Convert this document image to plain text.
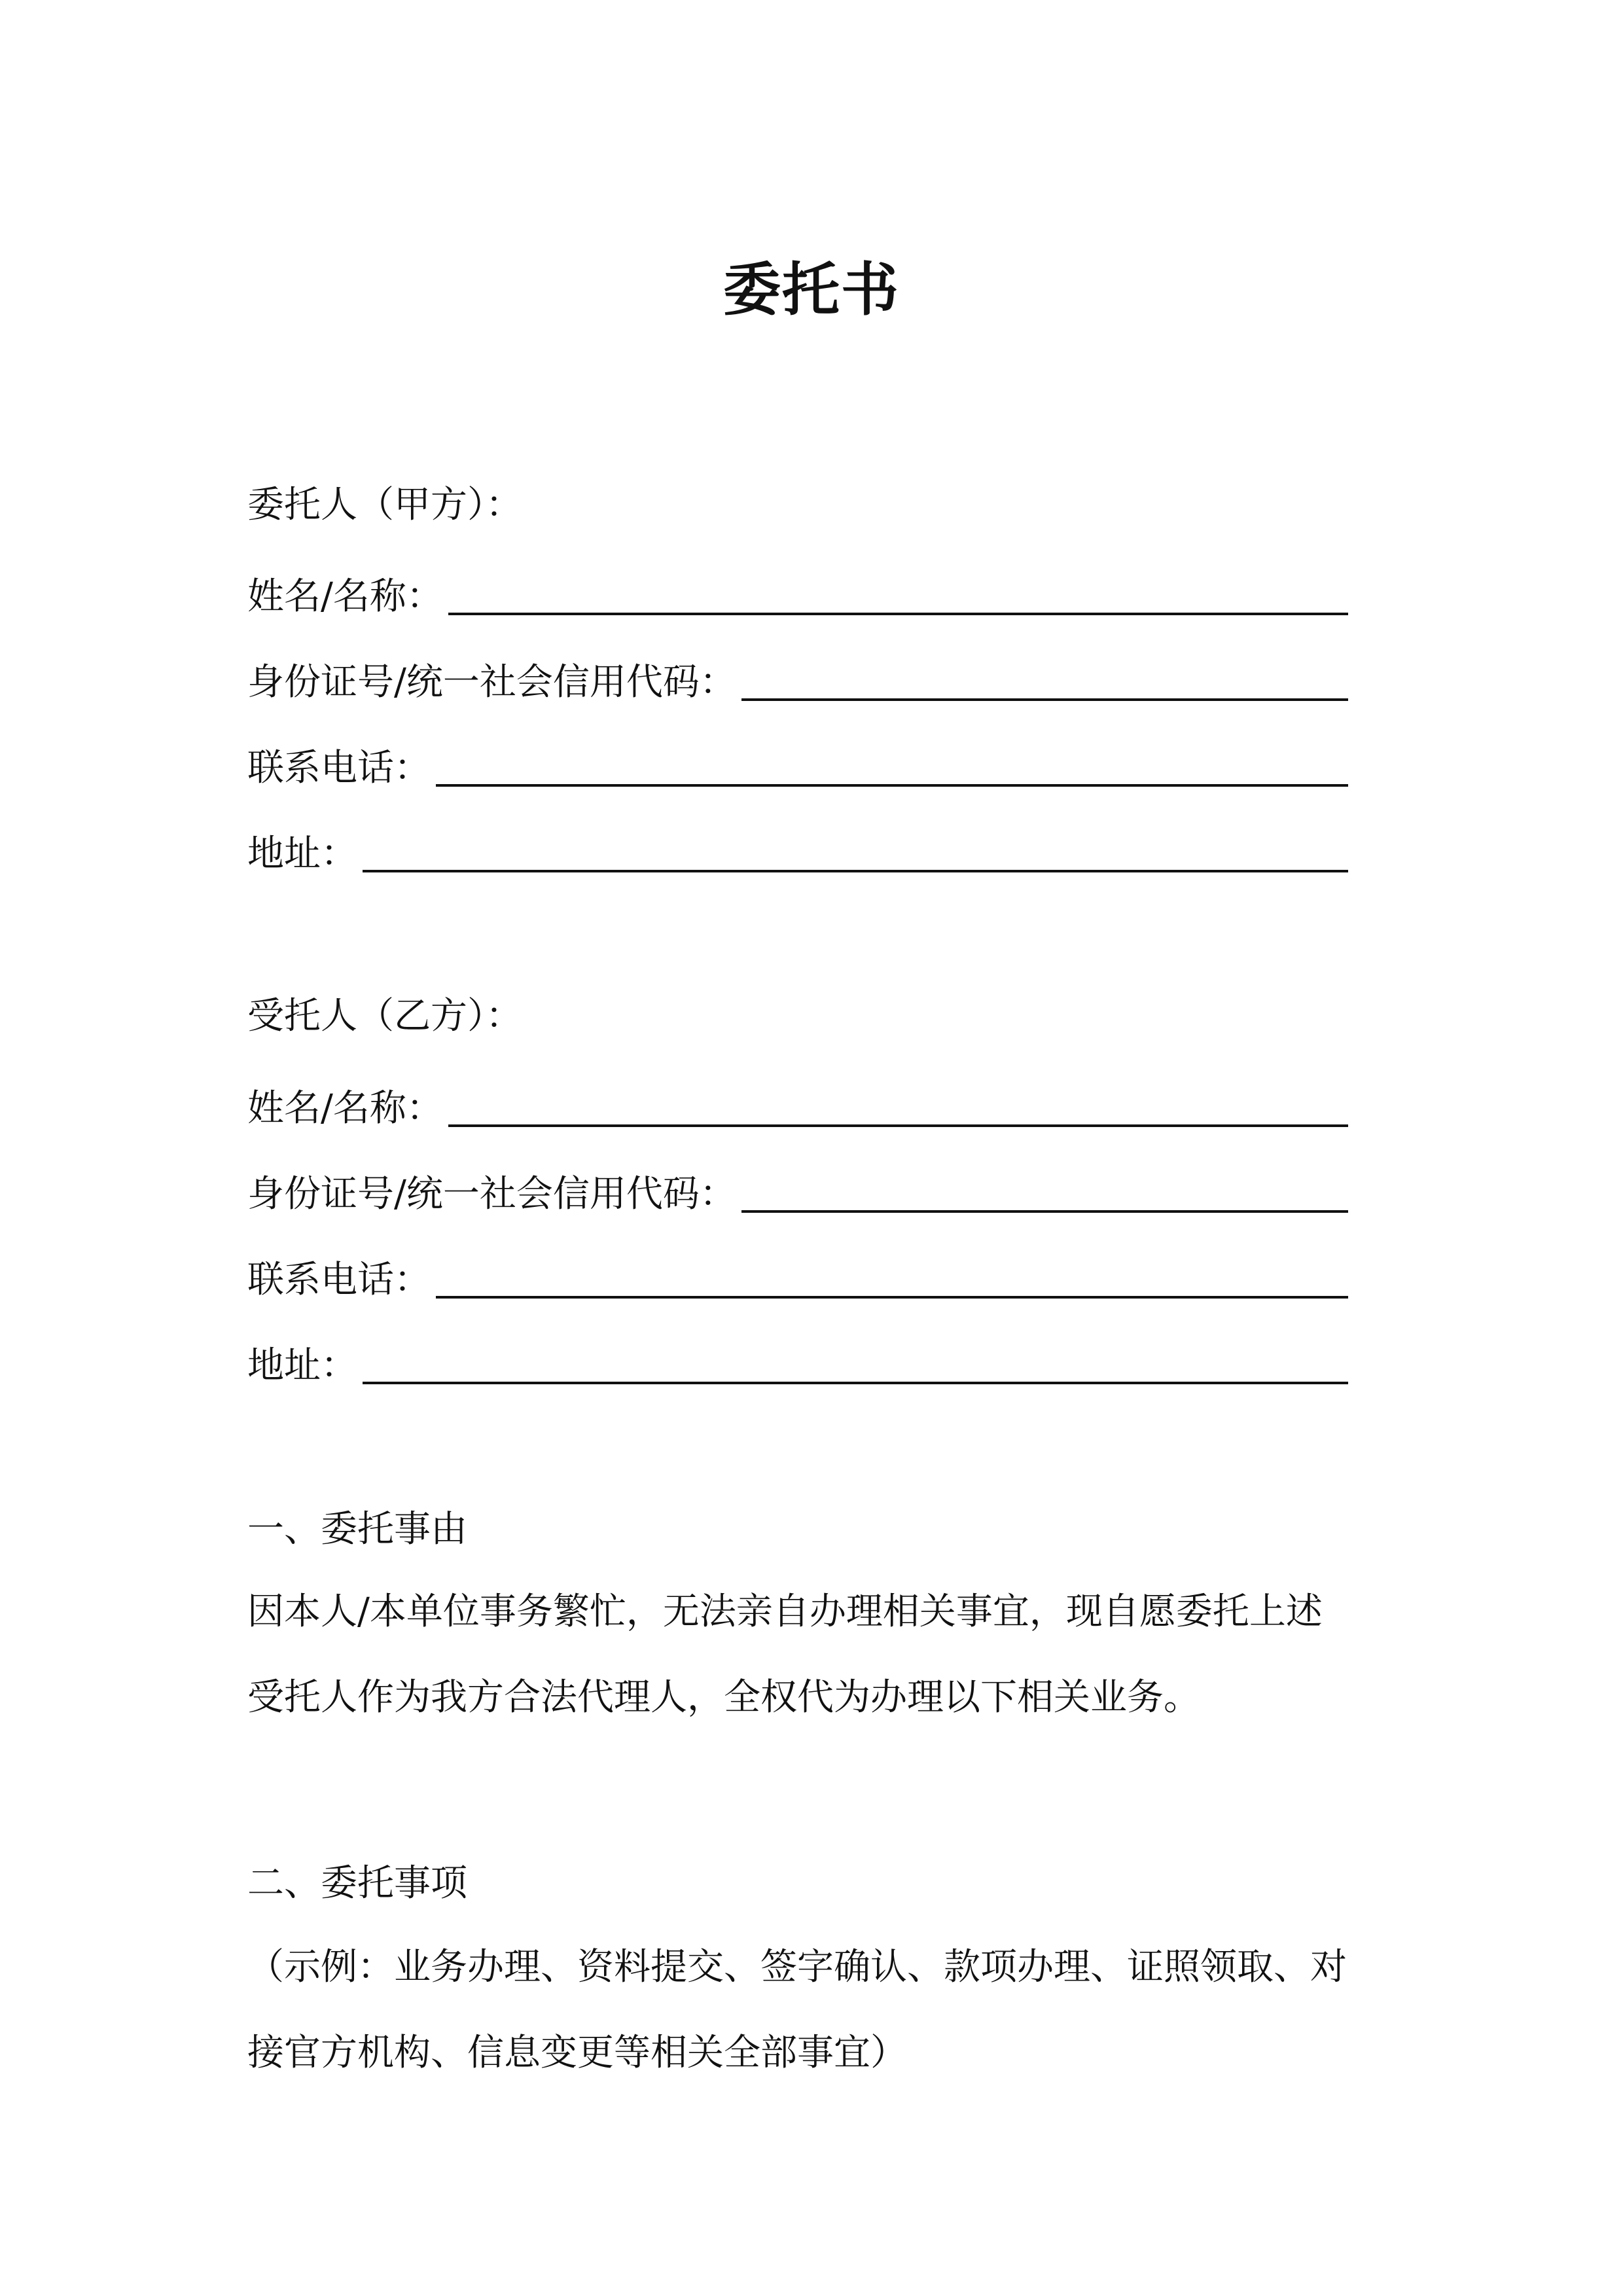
委托书
委托人（甲方）：
姓名/名称：
身份证号/统一社会信用代码：
联系电话：
地址：
受托人（乙方）：
姓名/名称：
身份证号/统一社会信用代码：
联系电话：
地址：
一、委托事由
因本人/本单位事务繁忙，无法亲自办理相关事宜，现自愿委托上述
受托人作为我方合法代理人，全权代为办理以下相关业务。
二、委托事项
（示例：业务办理、资料提交、签字确认、款项办理、证照领取、对
接官方机构、信息变更等相关全部事宜）
